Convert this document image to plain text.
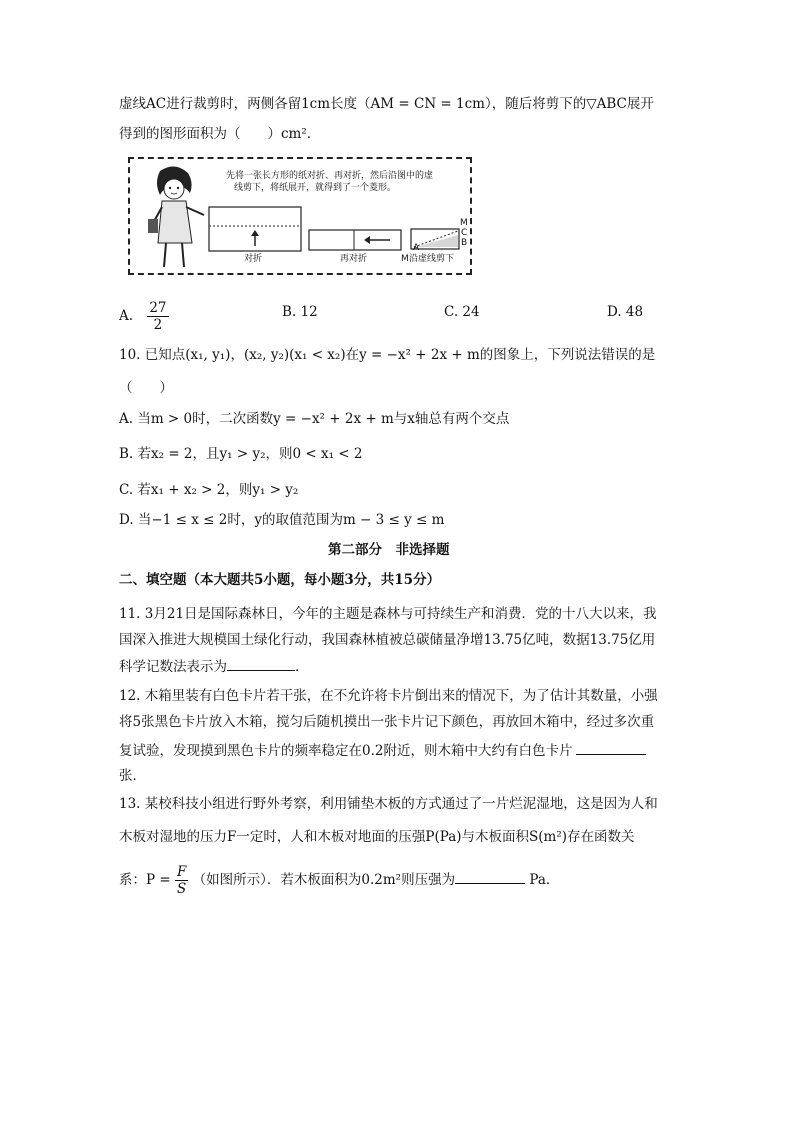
虚线AC进行裁剪时，两侧各留1cm长度（AM = CN = 1cm），随后将剪下的▽ABC展开
得到的图形面积为（　　）cm²．
先将一张长方形的纸对折、再对折，然后沿图中的虚
线剪下，将纸展开，就得到了一个菱形。
对折	再对折
M
C
B
A
M 沿虚线剪下
A. $\frac{27}{2}$	B. 12	C. 24	D. 48
10. 已知点(x₁, y₁)，(x₂, y₂)(x₁ < x₂)在y = −x² + 2x + m的图象上，下列说法错误的是
（　　）
A. 当m > 0时，二次函数y = −x² + 2x + m与x轴总有两个交点
B. 若x₂ = 2，且y₁ > y₂，则0 < x₁ < 2
C. 若x₁ + x₂ > 2，则y₁ > y₂
D. 当−1 ≤ x ≤ 2时，y的取值范围为m − 3 ≤ y ≤ m
第二部分　非选择题
二、填空题（本大题共5小题，每小题3分，共15分）
11. 3月21日是国际森林日，今年的主题是森林与可持续生产和消费．党的十八大以来，我
国深入推进大规模国土绿化行动，我国森林植被总碳储量净增13.75亿吨，数据13.75亿用
科学记数法表示为	．
12. 木箱里装有白色卡片若干张，在不允许将卡片倒出来的情况下，为了估计其数量，小强
将5张黑色卡片放入木箱，搅匀后随机摸出一张卡片记下颜色，再放回木箱中，经过多次重
复试验，发现摸到黑色卡片的频率稳定在0.2附近，则木箱中大约有白色卡片
张．
13. 某校科技小组进行野外考察，利用铺垫木板的方式通过了一片烂泥湿地，这是因为人和
木板对湿地的压力F一定时，人和木板对地面的压强P(Pa)与木板面积S(m²)存在函数关
系：$P = \frac{F}{S}$ （如图所示）．若木板面积为0.2m²则压强为	Pa．
